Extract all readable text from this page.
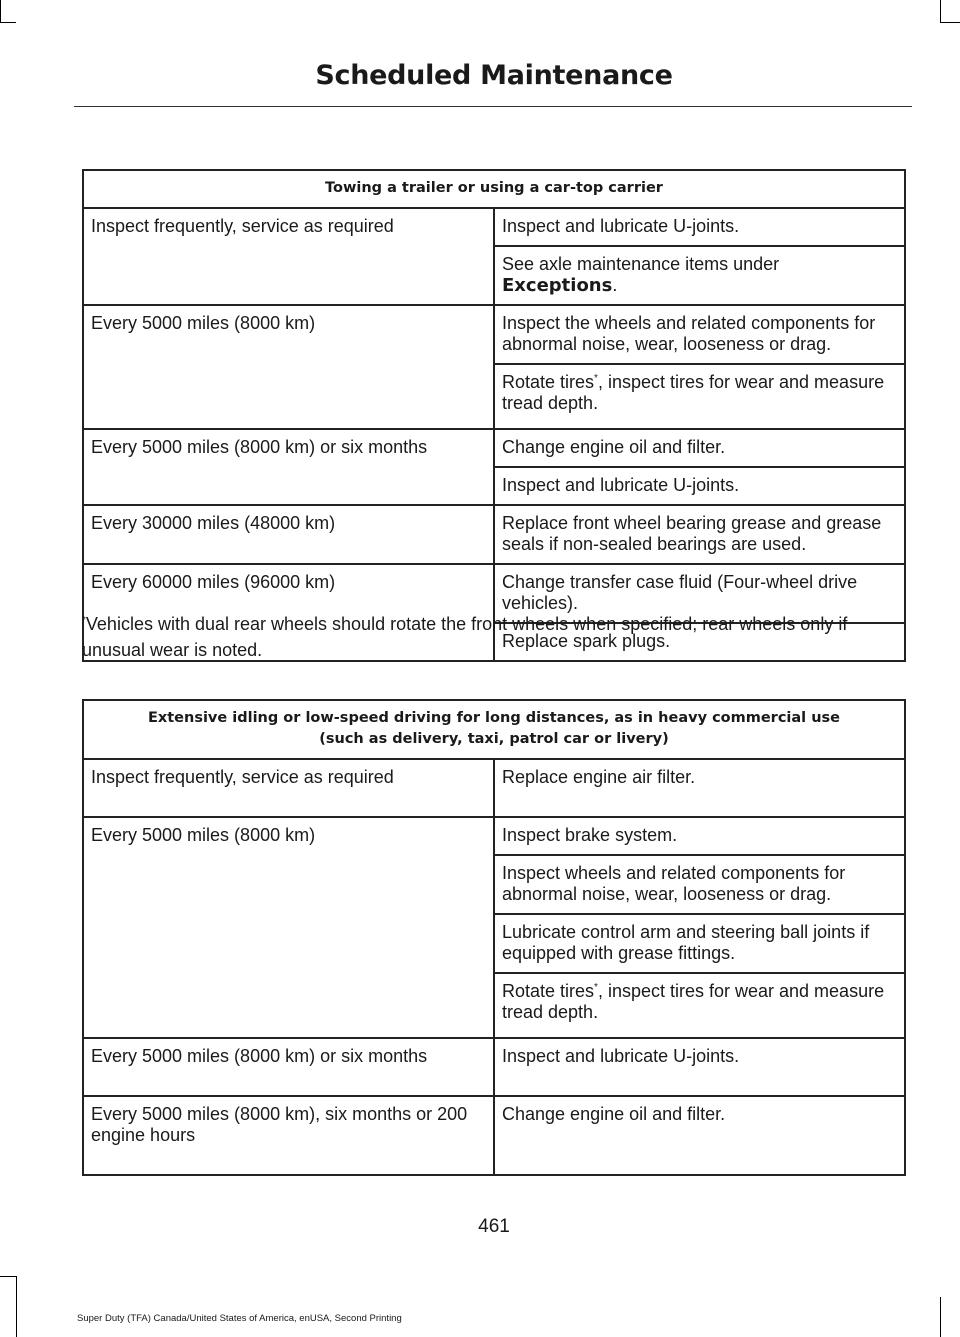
Scheduled Maintenance
Towing a trailer or using a car-top carrier	
Inspect frequently, service as required	Inspect and lubricate U-joints.
	See axle maintenance items under Exceptions.
Every 5000 miles (8000 km)	Inspect the wheels and related components for abnormal noise, wear, looseness or drag.
	Rotate tires*, inspect tires for wear and measure tread depth.
Every 5000 miles (8000 km) or six months	Change engine oil and filter.
	Inspect and lubricate U-joints.
Every 30000 miles (48000 km)	Replace front wheel bearing grease and grease seals if non-sealed bearings are used.
Every 60000 miles (96000 km)	Change transfer case fluid (Four-wheel drive vehicles).
	Replace spark plugs.
*Vehicles with dual rear wheels should rotate the front wheels when specified; rear wheels only if unusual wear is noted.
Extensive idling or low-speed driving for long distances, as in heavy commercial use
(such as delivery, taxi, patrol car or livery)	
Inspect frequently, service as required	Replace engine air filter.
Every 5000 miles (8000 km)	Inspect brake system.
	Inspect wheels and related components for abnormal noise, wear, looseness or drag.
	Lubricate control arm and steering ball joints if equipped with grease fittings.
	Rotate tires*, inspect tires for wear and measure tread depth.
Every 5000 miles (8000 km) or six months	Inspect and lubricate U-joints.
Every 5000 miles (8000 km), six months or 200 engine hours	Change engine oil and filter.
461
Super Duty (TFA) Canada/United States of America, enUSA, Second Printing
